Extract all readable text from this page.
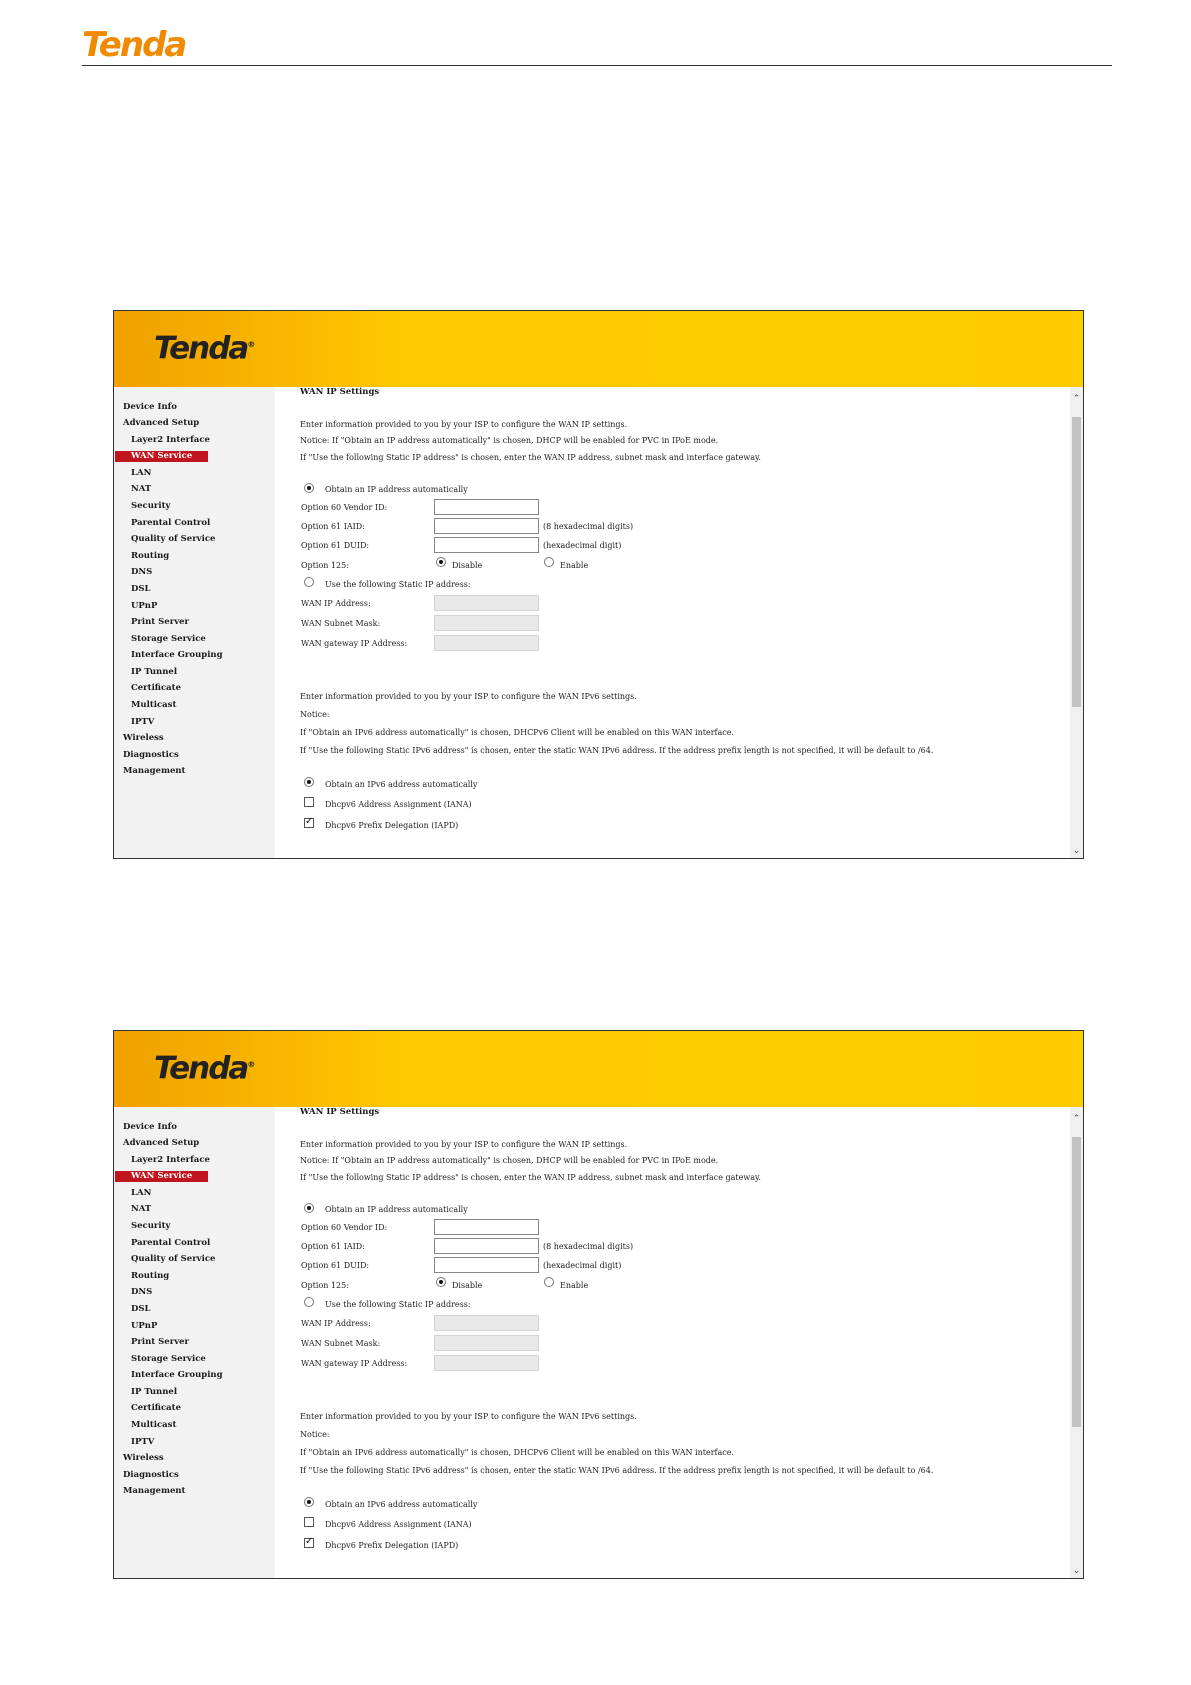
Tenda
Tenda®
Device Info
Advanced Setup
Layer2 Interface
WAN Service
LAN
NAT
Security
Parental Control
Quality of Service
Routing
DNS
DSL
UPnP
Print Server
Storage Service
Interface Grouping
IP Tunnel
Certificate
Multicast
IPTV
Wireless
Diagnostics
Management
WAN IP Settings
Enter information provided to you by your ISP to configure the WAN IP settings.
Notice: If "Obtain an IP address automatically" is chosen, DHCP will be enabled for PVC in IPoE mode.
If "Use the following Static IP address" is chosen, enter the WAN IP address, subnet mask and interface gateway.
Obtain an IP address automatically
Option 60 Vendor ID:
Option 61 IAID:	(8 hexadecimal digits)
Option 61 DUID:	(hexadecimal digit)
Option 125:	Disable	Enable
Use the following Static IP address:
WAN IP Address:
WAN Subnet Mask:
WAN gateway IP Address:
Enter information provided to you by your ISP to configure the WAN IPv6 settings.
Notice:
If "Obtain an IPv6 address automatically" is chosen, DHCPv6 Client will be enabled on this WAN interface.
If "Use the following Static IPv6 address" is chosen, enter the static WAN IPv6 address. If the address prefix length is not specified, it will be default to /64.
Obtain an IPv6 address automatically
Dhcpv6 Address Assignment (IANA)
✓
Dhcpv6 Prefix Delegation (IAPD)
⌃
⌄
Tenda®
Device Info
Advanced Setup
Layer2 Interface
WAN Service
LAN
NAT
Security
Parental Control
Quality of Service
Routing
DNS
DSL
UPnP
Print Server
Storage Service
Interface Grouping
IP Tunnel
Certificate
Multicast
IPTV
Wireless
Diagnostics
Management
WAN IP Settings
Enter information provided to you by your ISP to configure the WAN IP settings.
Notice: If "Obtain an IP address automatically" is chosen, DHCP will be enabled for PVC in IPoE mode.
If "Use the following Static IP address" is chosen, enter the WAN IP address, subnet mask and interface gateway.
Obtain an IP address automatically
Option 60 Vendor ID:
Option 61 IAID:	(8 hexadecimal digits)
Option 61 DUID:	(hexadecimal digit)
Option 125:	Disable	Enable
Use the following Static IP address:
WAN IP Address:
WAN Subnet Mask:
WAN gateway IP Address:
Enter information provided to you by your ISP to configure the WAN IPv6 settings.
Notice:
If "Obtain an IPv6 address automatically" is chosen, DHCPv6 Client will be enabled on this WAN interface.
If "Use the following Static IPv6 address" is chosen, enter the static WAN IPv6 address. If the address prefix length is not specified, it will be default to /64.
Obtain an IPv6 address automatically
Dhcpv6 Address Assignment (IANA)
✓
Dhcpv6 Prefix Delegation (IAPD)
⌃
⌄
